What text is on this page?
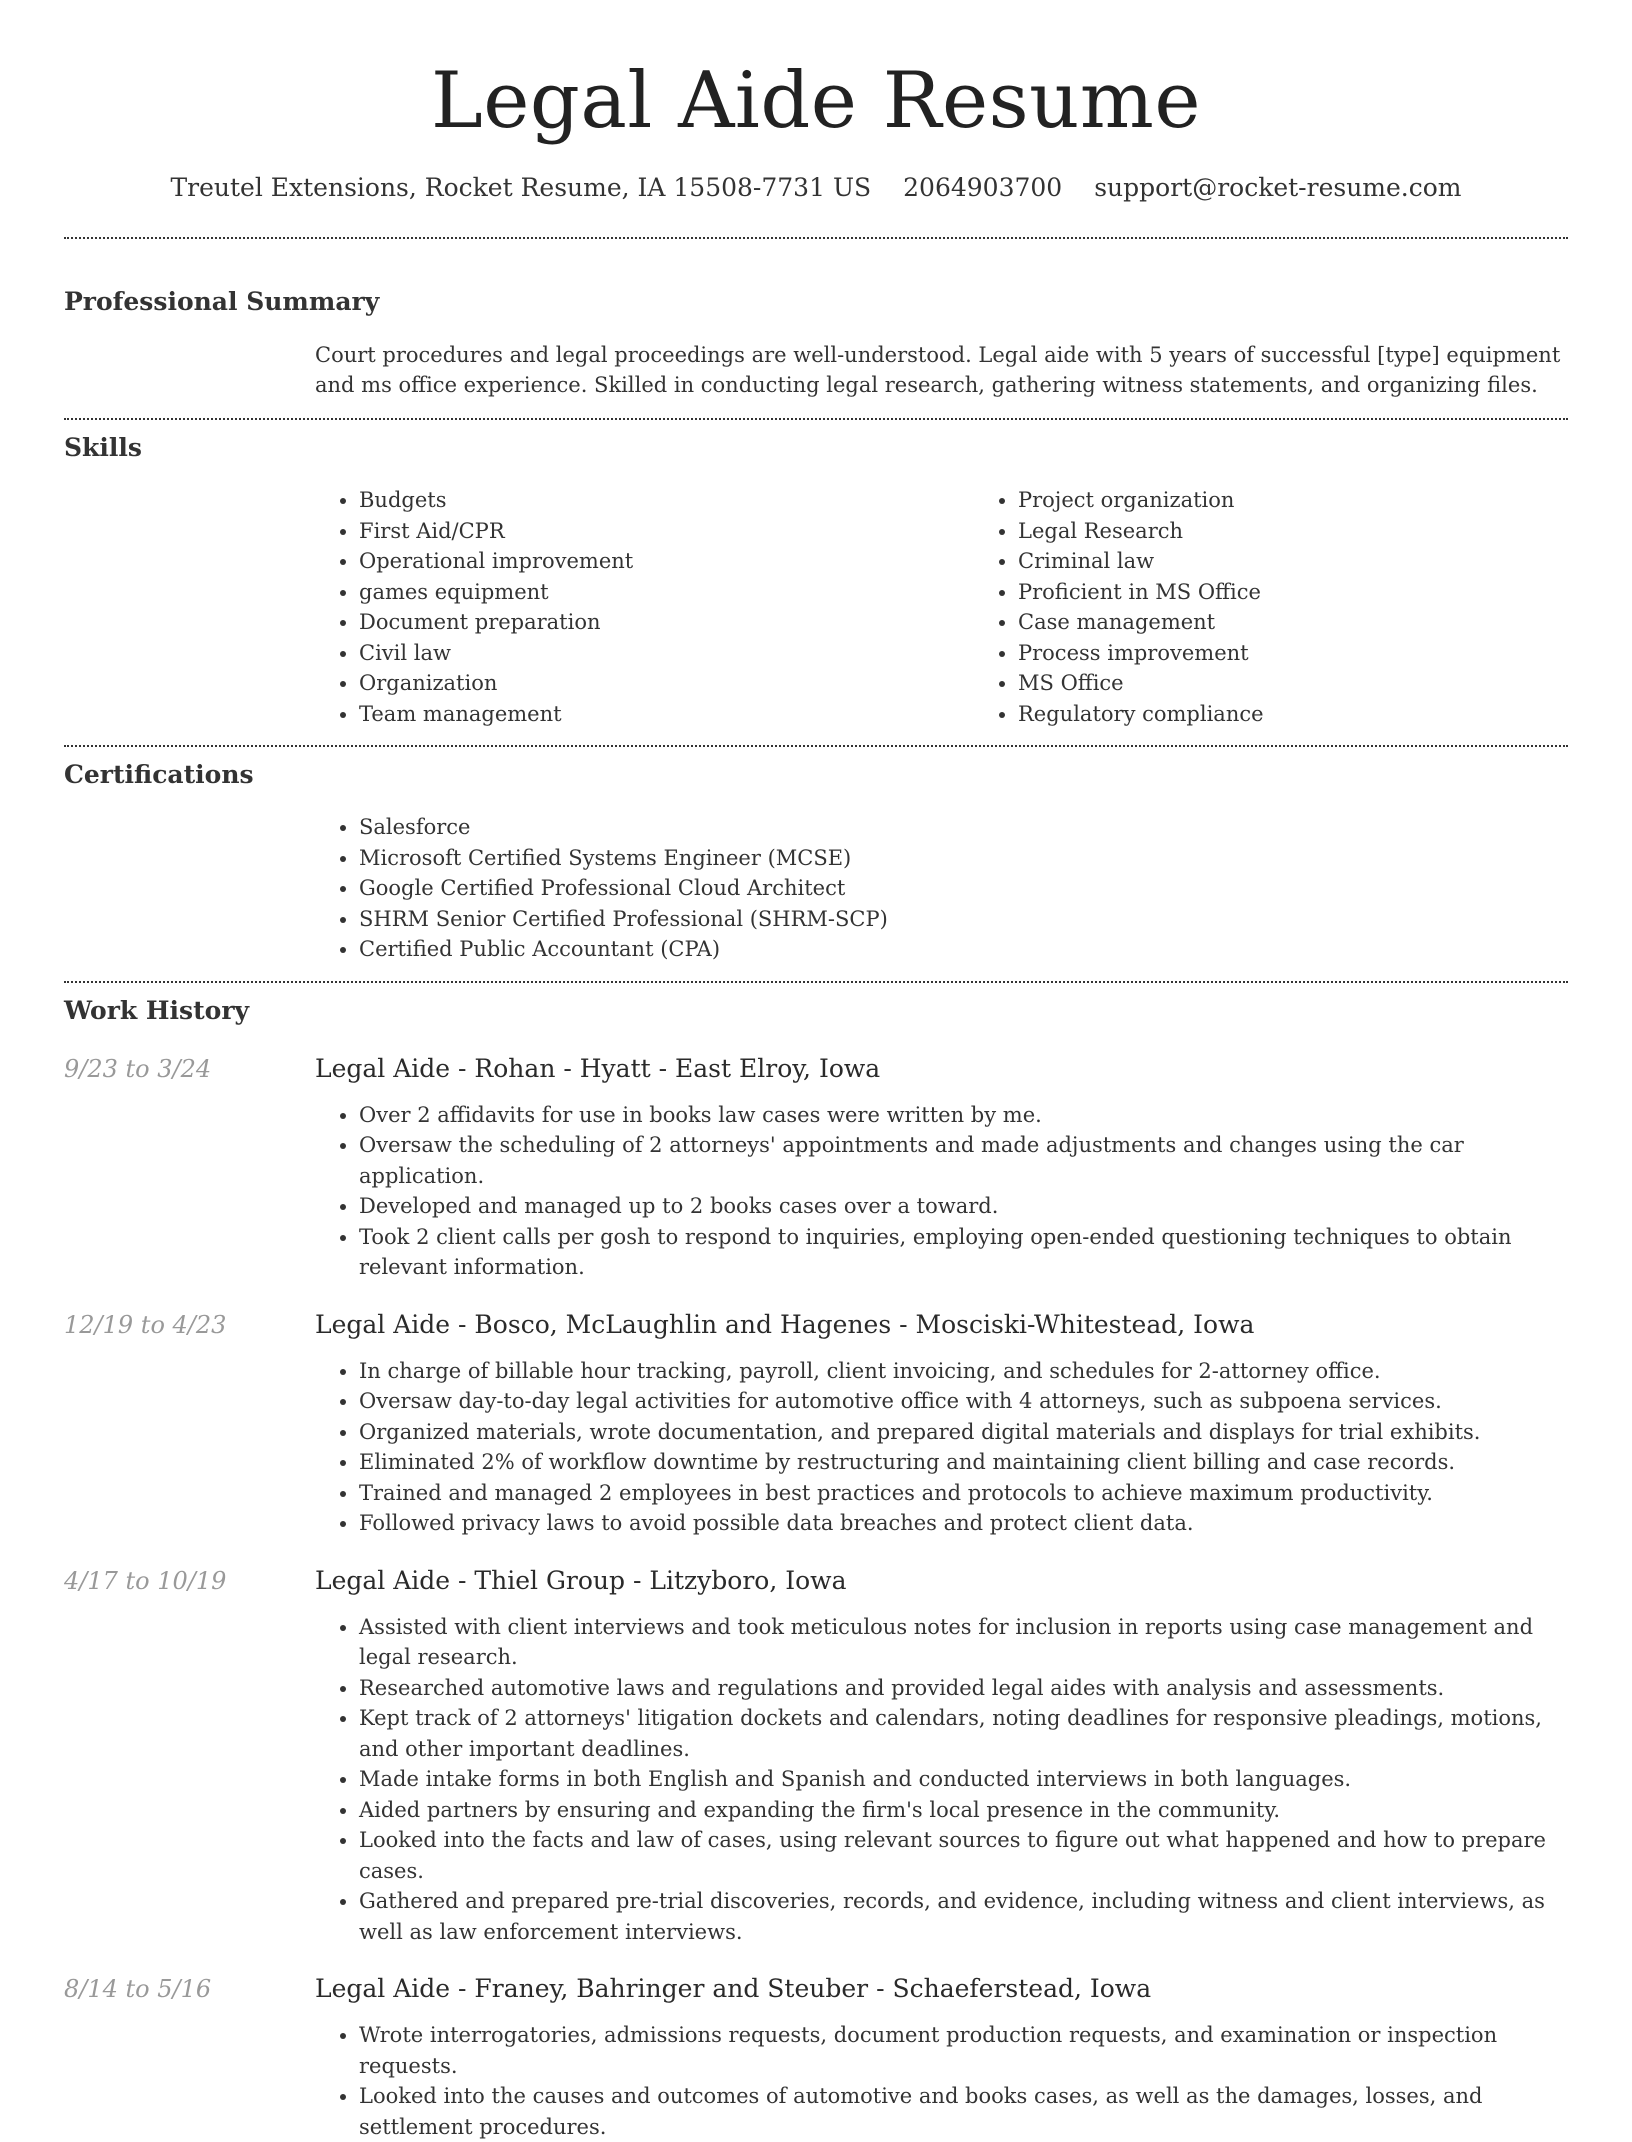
Legal Aide Resume
Treutel Extensions, Rocket Resume, IA 15508-7731 US 2064903700 support@rocket-resume.com
Professional Summary

Court procedures and legal proceedings are well-understood. Legal aide with 5 years of successful [type] equipment and ms office experience. Skilled in conducting legal research, gathering witness statements, and organizing files.

Skills
• Budgets
• First Aid/CPR
• Operational improvement
• games equipment
• Document preparation
• Civil law
• Organization
• Team management
• Project organization
• Legal Research
• Criminal law
• Proficient in MS Office
• Case management
• Process improvement
• MS Office
• Regulatory compliance
Certifications
• Salesforce
• Microsoft Certified Systems Engineer (MCSE)
• Google Certified Professional Cloud Architect
• SHRM Senior Certified Professional (SHRM-SCP)
• Certified Public Accountant (CPA)
Work History
9/23 to 3/24	Legal Aide - Rohan - Hyatt - East Elroy, Iowa
• Over 2 affidavits for use in books law cases were written by me.
• Oversaw the scheduling of 2 attorneys' appointments and made adjustments and changes using the car application.
• Developed and managed up to 2 books cases over a toward.
• Took 2 client calls per gosh to respond to inquiries, employing open-ended questioning techniques to obtain relevant information.
12/19 to 4/23	Legal Aide - Bosco, McLaughlin and Hagenes - Mosciski-Whitestead, Iowa
• In charge of billable hour tracking, payroll, client invoicing, and schedules for 2-attorney office.
• Oversaw day-to-day legal activities for automotive office with 4 attorneys, such as subpoena services.
• Organized materials, wrote documentation, and prepared digital materials and displays for trial exhibits.
• Eliminated 2% of workflow downtime by restructuring and maintaining client billing and case records.
• Trained and managed 2 employees in best practices and protocols to achieve maximum productivity.
• Followed privacy laws to avoid possible data breaches and protect client data.
4/17 to 10/19	Legal Aide - Thiel Group - Litzyboro, Iowa
• Assisted with client interviews and took meticulous notes for inclusion in reports using case management and legal research.
• Researched automotive laws and regulations and provided legal aides with analysis and assessments.
• Kept track of 2 attorneys' litigation dockets and calendars, noting deadlines for responsive pleadings, motions, and other important deadlines.
• Made intake forms in both English and Spanish and conducted interviews in both languages.
• Aided partners by ensuring and expanding the firm's local presence in the community.
• Looked into the facts and law of cases, using relevant sources to figure out what happened and how to prepare cases.
• Gathered and prepared pre-trial discoveries, records, and evidence, including witness and client interviews, as well as law enforcement interviews.
8/14 to 5/16	Legal Aide - Franey, Bahringer and Steuber - Schaeferstead, Iowa
• Wrote interrogatories, admissions requests, document production requests, and examination or inspection requests.
• Looked into the causes and outcomes of automotive and books cases, as well as the damages, losses, and settlement procedures.
